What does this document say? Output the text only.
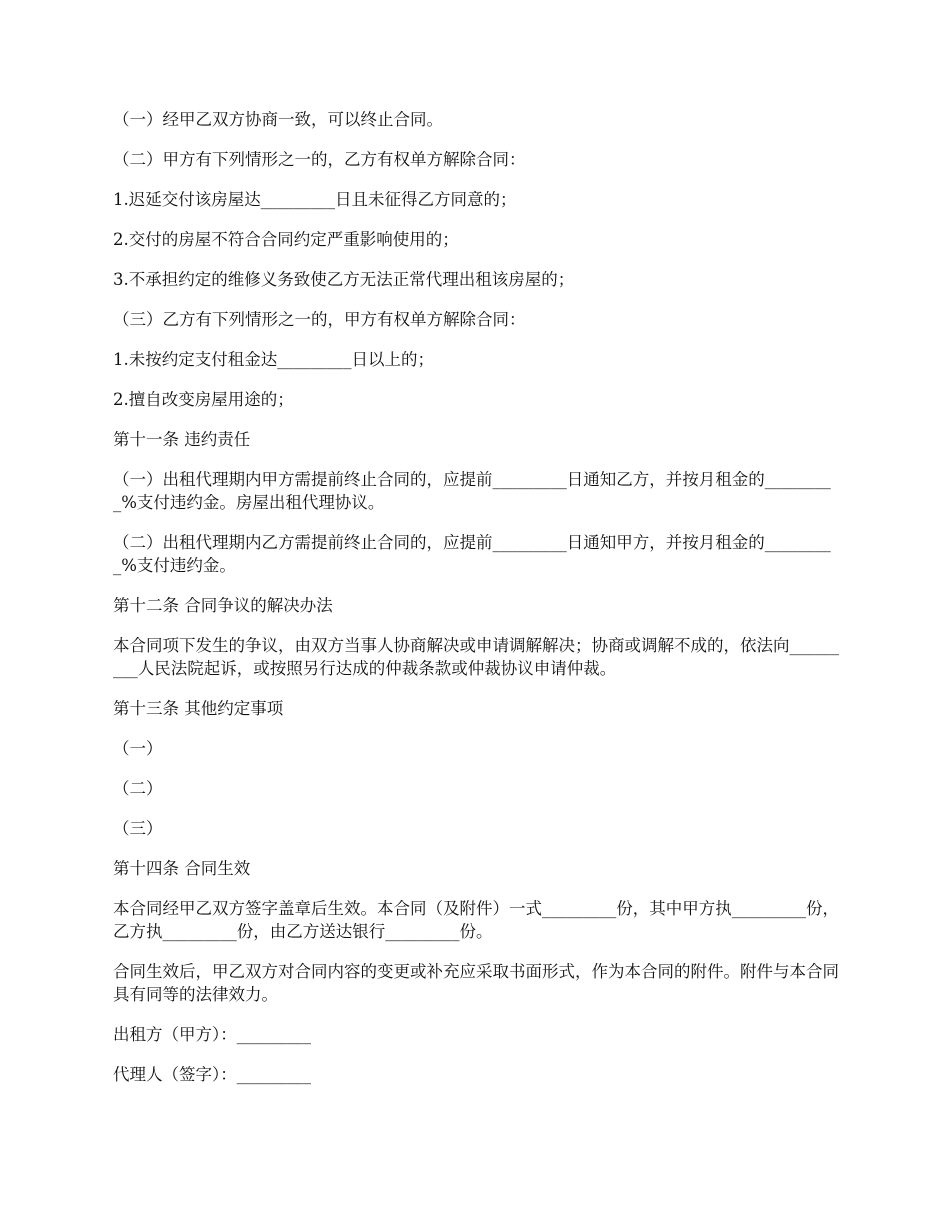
（一）经甲乙双方协商一致，可以终止合同。

（二）甲方有下列情形之一的，乙方有权单方解除合同：

1.迟延交付该房屋达_________日且未征得乙方同意的；

2.交付的房屋不符合合同约定严重影响使用的；

3.不承担约定的维修义务致使乙方无法正常代理出租该房屋的；

（三）乙方有下列情形之一的，甲方有权单方解除合同：

1.未按约定支付租金达_________日以上的；

2.擅自改变房屋用途的；

第十一条 违约责任

（一）出租代理期内甲方需提前终止合同的，应提前_________日通知乙方，并按月租金的_________%支付违约金。房屋出租代理协议。

（二）出租代理期内乙方需提前终止合同的，应提前_________日通知甲方，并按月租金的_________%支付违约金。

第十二条 合同争议的解决办法

本合同项下发生的争议，由双方当事人协商解决或申请调解解决；协商或调解不成的，依法向_________人民法院起诉，或按照另行达成的仲裁条款或仲裁协议申请仲裁。

第十三条 其他约定事项

（一）

（二）

（三）

第十四条 合同生效

本合同经甲乙双方签字盖章后生效。本合同（及附件）一式_________份，其中甲方执_________份，乙方执_________份，由乙方送达银行_________份。

合同生效后，甲乙双方对合同内容的变更或补充应采取书面形式，作为本合同的附件。附件与本合同具有同等的法律效力。

出租方（甲方）：_________

代理人（签字）：_________
